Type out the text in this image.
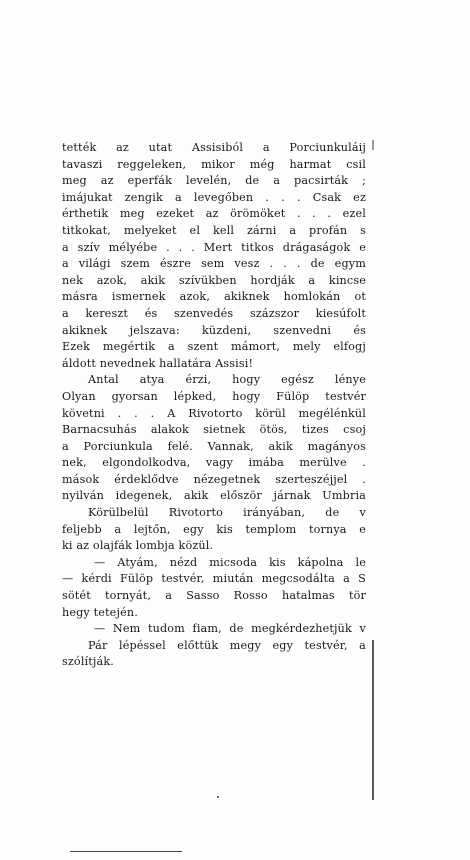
tették az utat Assisiból a Porciunkuláij
tavaszi reggeleken, mikor még harmat csil
meg az eperfák levelén, de a pacsirták ;
imájukat zengik a levegőben . . . Csak ez
érthetik meg ezeket az örömöket . . . ezel
titkokat, melyeket el kell zárni a profán s
a szív mélyébe . . . Mert titkos drágaságok e
a világi szem észre sem vesz . . . de egym
nek azok, akik szívükben hordják a kincse
másra ismernek azok, akiknek homlokán ot
a kereszt és szenvedés százszor kiesúfolt
akiknek jelszava: küzdeni, szenvedni és
Ezek megértik a szent mámort, mely elfogj
áldott nevednek hallatára Assisi!
Antal atya érzi, hogy egész lénye
Olyan gyorsan lépked, hogy Fülöp testvér
követni . . . A Rivotorto körül megélénkül
Barnacsuhás alakok sietnek ötös, tizes csoj
a Porciunkula felé. Vannak, akik magányos
nek, elgondolkodva, vagy imába merülve .
mások érdeklődve nézegetnek szerteszéjjel .
nyilván idegenek, akik először járnak Umbria
Körülbelül Rivotorto irányában, de v
feljebb a lejtőn, egy kis templom tornya e
ki az olajfák lombja közül.
— Atyám, nézd micsoda kis kápolna le
— kérdi Fülöp testvér, miután megcsodálta a S
sötét tornyát, a Sasso Rosso hatalmas tör
hegy tetején.
— Nem tudom fiam, de megkérdezhetjük v
Pár lépéssel előttük megy egy testvér, a
szólítják.
